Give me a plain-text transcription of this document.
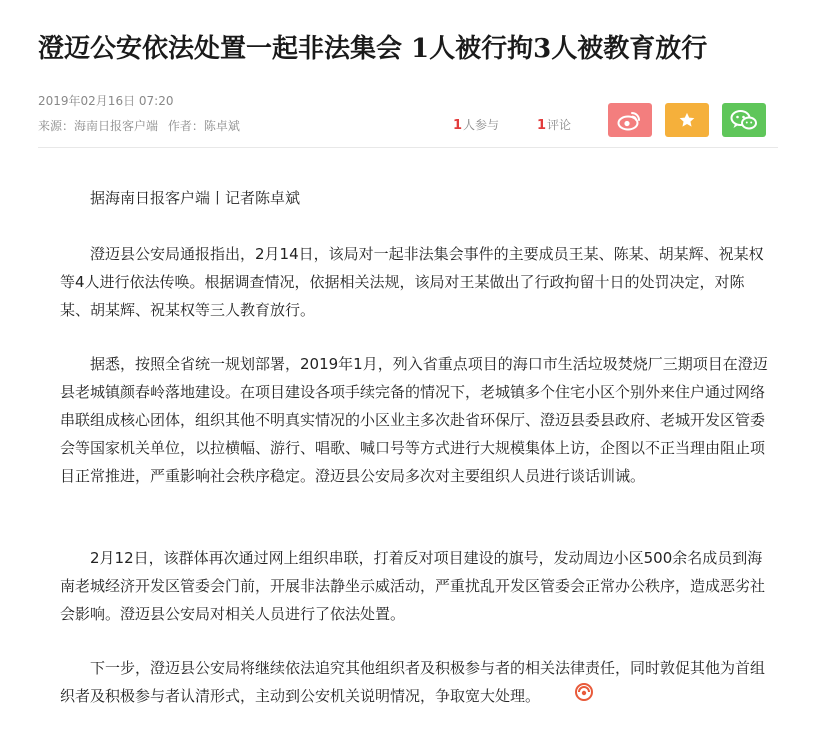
澄迈公安依法处置一起非法集会 1人被行拘3人被教育放行
2019年02月16日 07:20
来源：海南日报客户端 作者：陈卓斌	1人参与	1评论

据海南日报客户端丨记者陈卓斌

澄迈县公安局通报指出，2月14日，该局对一起非法集会事件的主要成员王某、陈某、胡某辉、祝某权等4人进行依法传唤。根据调查情况，依据相关法规，该局对王某做出了行政拘留十日的处罚决定，对陈某、胡某辉、祝某权等三人教育放行。

据悉，按照全省统一规划部署，2019年1月，列入省重点项目的海口市生活垃圾焚烧厂三期项目在澄迈县老城镇颜春岭落地建设。在项目建设各项手续完备的情况下，老城镇多个住宅小区个别外来住户通过网络串联组成核心团体，组织其他不明真实情况的小区业主多次赴省环保厅、澄迈县委县政府、老城开发区管委会等国家机关单位，以拉横幅、游行、唱歌、喊口号等方式进行大规模集体上访，企图以不正当理由阻止项目正常推进，严重影响社会秩序稳定。澄迈县公安局多次对主要组织人员进行谈话训诫。

2月12日，该群体再次通过网上组织串联，打着反对项目建设的旗号，发动周边小区500余名成员到海南老城经济开发区管委会门前，开展非法静坐示威活动，严重扰乱开发区管委会正常办公秩序，造成恶劣社会影响。澄迈县公安局对相关人员进行了依法处置。

下一步，澄迈县公安局将继续依法追究其他组织者及积极参与者的相关法律责任，同时敦促其他为首组织者及积极参与者认清形式，主动到公安机关说明情况，争取宽大处理。
